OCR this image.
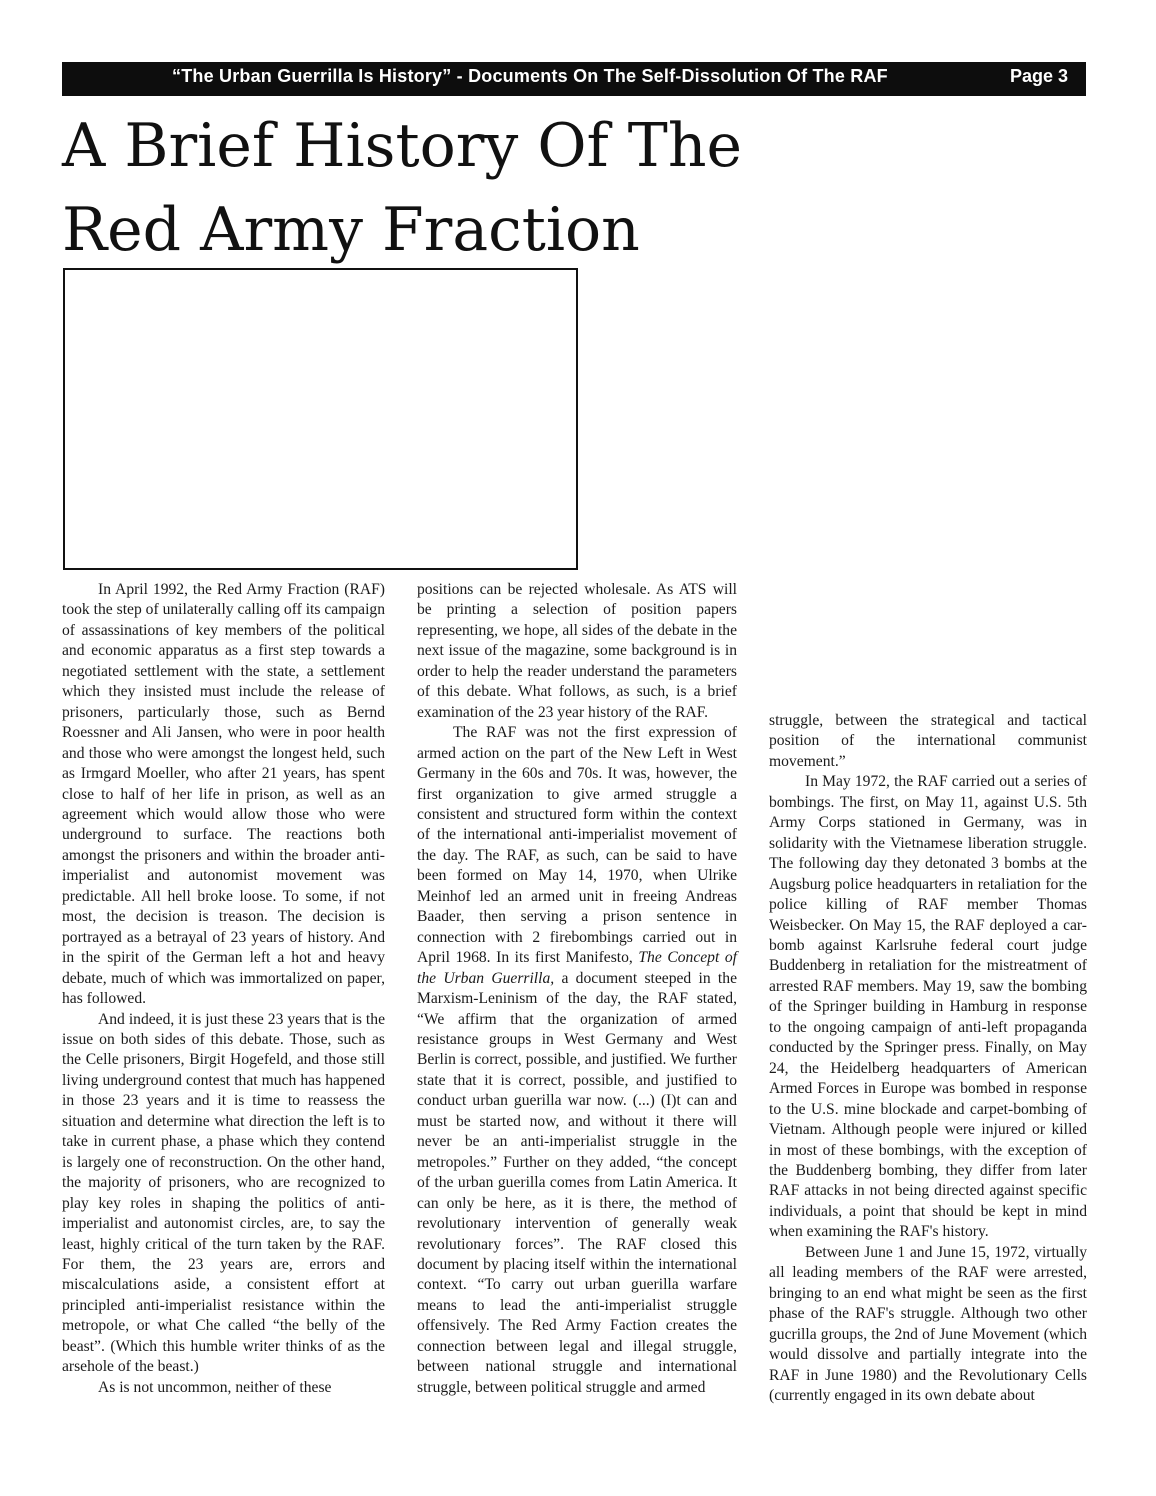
“The Urban Guerrilla Is History” - Documents On The Self-Dissolution Of The RAF	Page 3
A Brief History Of The
Red Army Fraction

In April 1992, the Red Army Fraction (RAF) took the step of unilaterally calling off its campaign of assassinations of key members of the political and economic apparatus as a first step towards a negotiated settlement with the state, a settlement which they insisted must include the release of prisoners, particularly those, such as Bernd Roessner and Ali Jansen, who were in poor health and those who were amongst the longest held, such as Irmgard Moeller, who after 21 years, has spent close to half of her life in prison, as well as an agreement which would allow those who were underground to surface. The reactions both amongst the prisoners and within the broader anti-imperialist and autonomist movement was predictable. All hell broke loose. To some, if not most, the decision is treason. The decision is portrayed as a betrayal of 23 years of history. And in the spirit of the German left a hot and heavy debate, much of which was immortalized on paper, has followed.

And indeed, it is just these 23 years that is the issue on both sides of this debate. Those, such as the Celle prisoners, Birgit Hogefeld, and those still living underground contest that much has happened in those 23 years and it is time to reassess the situation and determine what direction the left is to take in current phase, a phase which they contend is largely one of reconstruction. On the other hand, the majority of prisoners, who are recognized to play key roles in shaping the politics of anti-imperialist and autonomist circles, are, to say the least, highly critical of the turn taken by the RAF. For them, the 23 years are, errors and miscalculations aside, a consistent effort at principled anti-imperialist resistance within the metropole, or what Che called “the belly of the beast”. (Which this humble writer thinks of as the arsehole of the beast.)

As is not uncommon, neither of these

positions can be rejected wholesale. As ATS will be printing a selection of position papers representing, we hope, all sides of the debate in the next issue of the magazine, some background is in order to help the reader understand the parameters of this debate. What follows, as such, is a brief examination of the 23 year history of the RAF.

The RAF was not the first expression of armed action on the part of the New Left in West Germany in the 60s and 70s. It was, however, the first organization to give armed struggle a consistent and structured form within the context of the international anti-imperialist movement of the day. The RAF, as such, can be said to have been formed on May 14, 1970, when Ulrike Meinhof led an armed unit in freeing Andreas Baader, then serving a prison sentence in connection with 2 firebombings carried out in April 1968. In its first Manifesto, The Concept of the Urban Guerrilla, a document steeped in the Marxism-Leninism of the day, the RAF stated, “We affirm that the organization of armed resistance groups in West Germany and West Berlin is correct, possible, and justified. We further state that it is correct, possible, and justified to conduct urban guerilla war now. (...) (I)t can and must be started now, and without it there will never be an anti-imperialist struggle in the metropoles.” Further on they added, “the concept of the urban guerilla comes from Latin America. It can only be here, as it is there, the method of revolutionary intervention of generally weak revolutionary forces”. The RAF closed this document by placing itself within the international context. “To carry out urban guerilla warfare means to lead the anti-imperialist struggle offensively. The Red Army Faction creates the connection between legal and illegal struggle, between national struggle and international struggle, between political struggle and armed

struggle, between the strategical and tactical position of the international communist movement.”

In May 1972, the RAF carried out a series of bombings. The first, on May 11, against U.S. 5th Army Corps stationed in Germany, was in solidarity with the Vietnamese liberation struggle. The following day they detonated 3 bombs at the Augsburg police headquarters in retaliation for the police killing of RAF member Thomas Weisbecker. On May 15, the RAF deployed a car-bomb against Karlsruhe federal court judge Buddenberg in retaliation for the mistreatment of arrested RAF members. May 19, saw the bombing of the Springer building in Hamburg in response to the ongoing campaign of anti-left propaganda conducted by the Springer press. Finally, on May 24, the Heidelberg headquarters of American Armed Forces in Europe was bombed in response to the U.S. mine blockade and carpet-bombing of Vietnam. Although people were injured or killed in most of these bombings, with the exception of the Buddenberg bombing, they differ from later RAF attacks in not being directed against specific individuals, a point that should be kept in mind when examining the RAF's history.

Between June 1 and June 15, 1972, virtually all leading members of the RAF were arrested, bringing to an end what might be seen as the first phase of the RAF's struggle. Although two other gucrilla groups, the 2nd of June Movement (which would dissolve and partially integrate into the RAF in June 1980) and the Revolutionary Cells (currently engaged in its own debate about
